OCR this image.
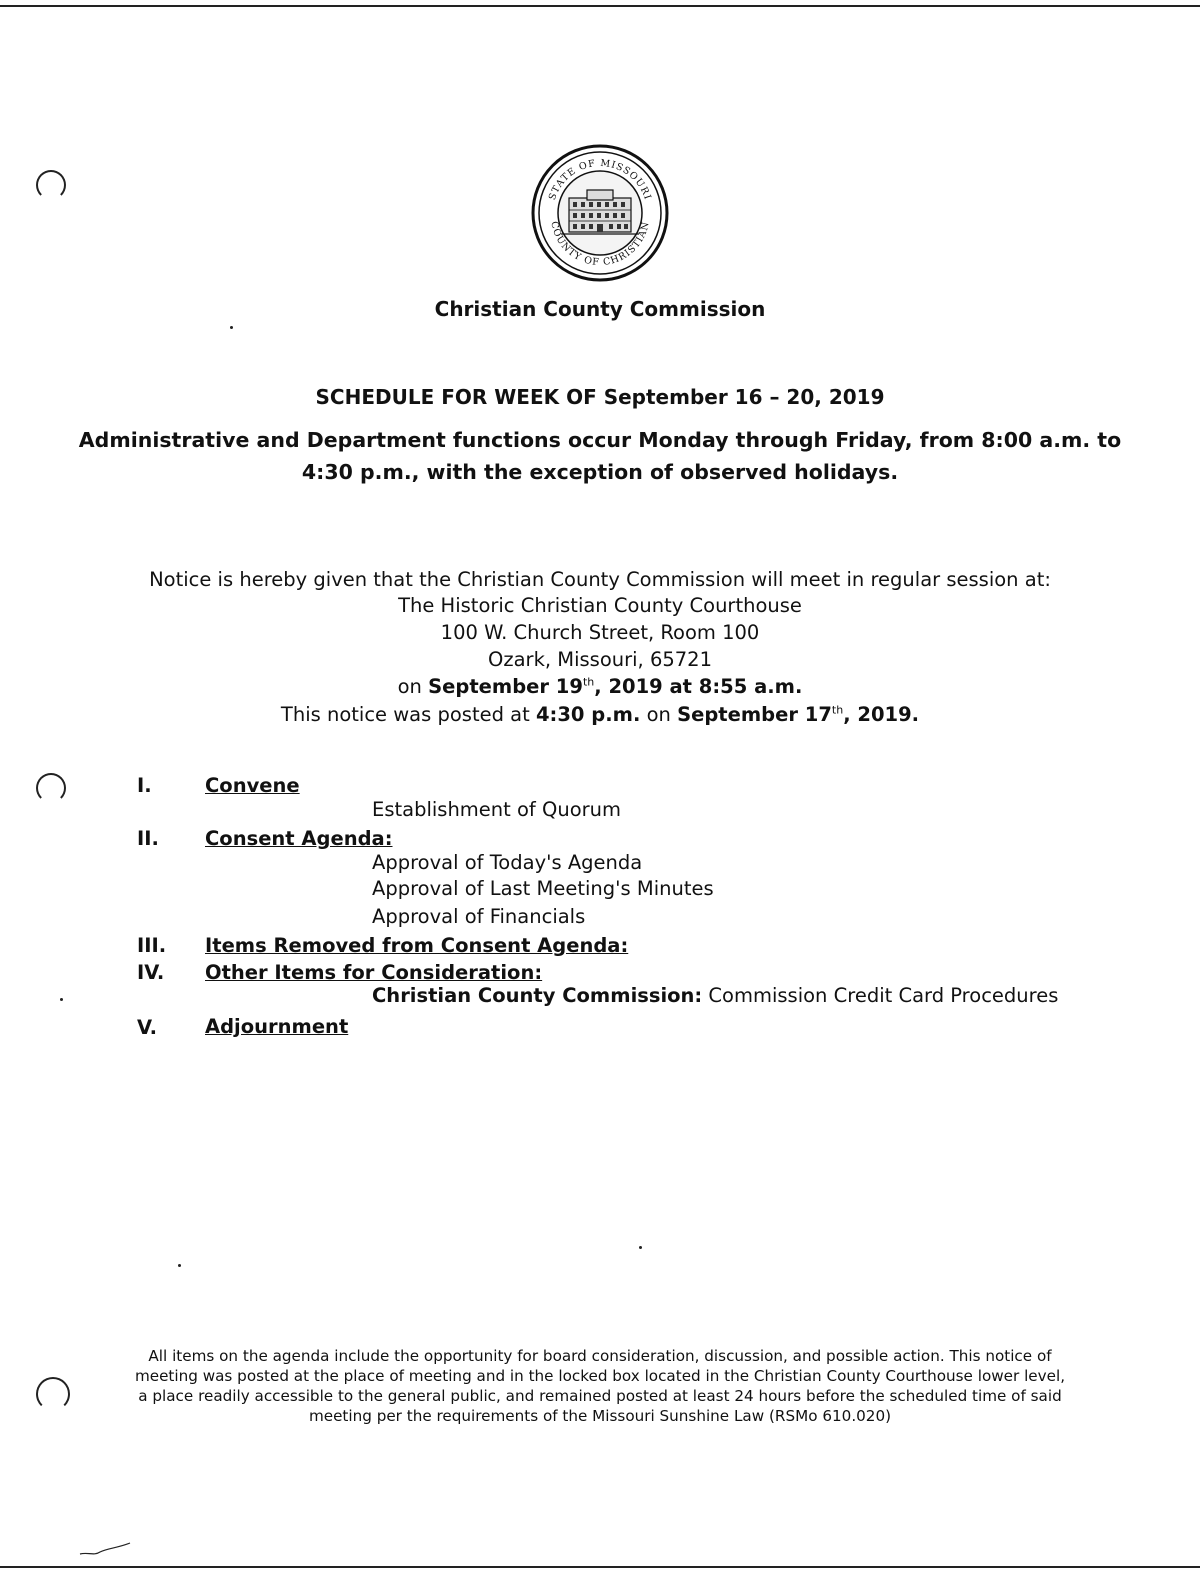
STATE OF MISSOURI
COUNTY OF CHRISTIAN
Christian County Commission
SCHEDULE FOR WEEK OF September 16 – 20, 2019
Administrative and Department functions occur Monday through Friday, from 8:00 a.m. to
4:30 p.m., with the exception of observed holidays.
Notice is hereby given that the Christian County Commission will meet in regular session at:
The Historic Christian County Courthouse
100 W. Church Street, Room 100
Ozark, Missouri, 65721
on September 19th, 2019 at 8:55 a.m.
This notice was posted at 4:30 p.m. on September 17th, 2019.
I.	Convene
Establishment of Quorum
II. Consent Agenda:
Approval of Today's Agenda
Approval of Last Meeting's Minutes
Approval of Financials
III. Items Removed from Consent Agenda:
IV. Other Items for Consideration:
Christian County Commission: Commission Credit Card Procedures
V. Adjournment
All items on the agenda include the opportunity for board consideration, discussion, and possible action. This notice of
meeting was posted at the place of meeting and in the locked box located in the Christian County Courthouse lower level,
a place readily accessible to the general public, and remained posted at least 24 hours before the scheduled time of said
meeting per the requirements of the Missouri Sunshine Law (RSMo 610.020)
